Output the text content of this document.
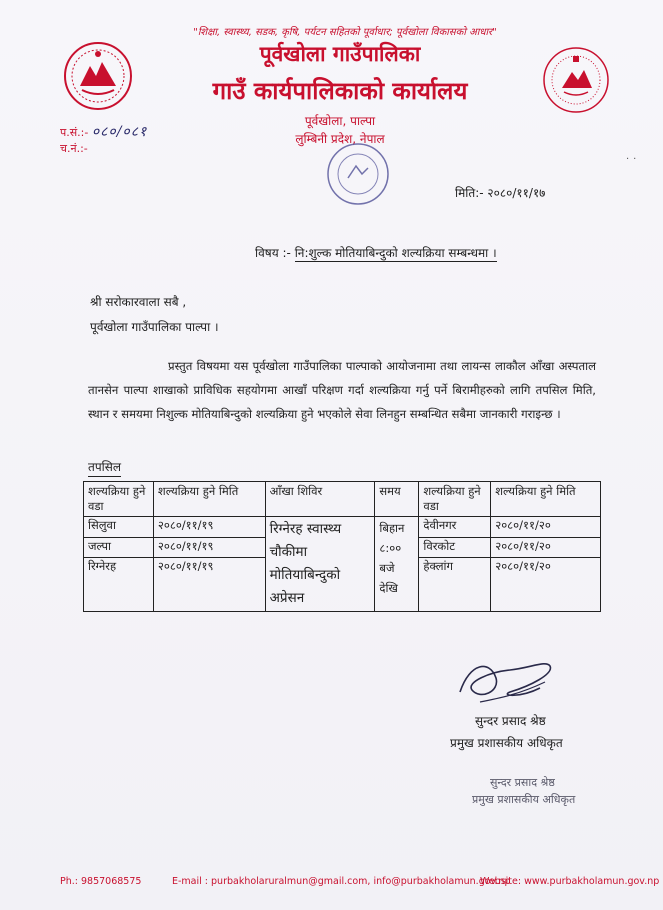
"शिक्षा, स्वास्थ्य, सडक, कृषि, पर्यटन सहितको पूर्वाधार; पूर्वखोला विकासको आधार"
पूर्वखोला गाउँपालिका
गाउँ कार्यपालिकाको कार्यालय
पूर्वखोला, पाल्पा
लुम्बिनी प्रदेश, नेपाल
प.सं.:- ०८०/०८१
च.नं.:-
··
मिति:- २०८०/११/१७
विषय :- नि:शुल्क मोतियाबिन्दुको शल्यक्रिया सम्बन्धमा ।
श्री सरोकारवाला सबै ,
पूर्वखोला गाउँपालिका पाल्पा ।
प्रस्तुत विषयमा यस पूर्वखोला गाउँपालिका पाल्पाको आयोजनामा तथा लायन्स लाकौल आँखा अस्पताल तानसेन पाल्पा शाखाको प्राविधिक सहयोगमा आखाँ परिक्षण गर्दा शल्यक्रिया गर्नु पर्ने बिरामीहरुको लागि तपसिल मिति, स्थान र समयमा निशुल्क मोतियाबिन्दुको शल्यक्रिया हुने भएकोले सेवा लिनहुन सम्बन्धित सबैमा जानकारी गराइन्छ ।
तपसिल
शल्यक्रिया हुने वडा	शल्यक्रिया हुने मिति	आँखा शिविर	समय	शल्यक्रिया हुने वडा	शल्यक्रिया हुने मिति
सिलुवा	२०८०/११/१९	रिग्नेरह स्वास्थ्य चौकीमा मोतियाबिन्दुको अप्रेसन	बिहान ८:०० बजे देखि	देवीनगर	२०८०/११/२०
जल्पा	२०८०/११/१९			विरकोट	२०८०/११/२०
रिग्नेरह	२०८०/११/१९			हेक्लांग	२०८०/११/२०
सुन्दर प्रसाद श्रेष्ठ
प्रमुख प्रशासकीय अधिकृत
सुन्दर प्रसाद श्रेष्ठ
प्रमुख प्रशासकीय अधिकृत
Ph.: 9857068575	E-mail : purbakholaruralmun@gmail.com, info@purbakholamun.gov.np
Website: www.purbakholamun.gov.np
